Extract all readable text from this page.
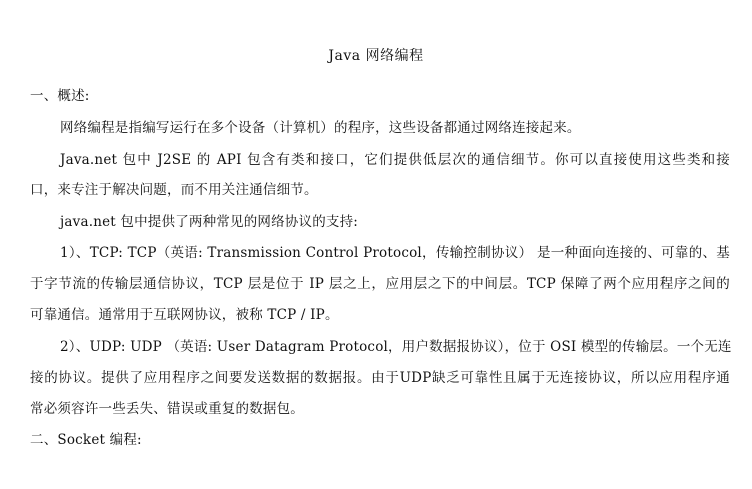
Java 网络编程
一、概述:
网络编程是指编写运行在多个设备（计算机）的程序，这些设备都通过网络连接起来。
Java.net 包中 J2SE 的 API 包含有类和接口，它们提供低层次的通信细节。你可以直接使用这些类和接
口，来专注于解决问题，而不用关注通信细节。
java.net 包中提供了两种常见的网络协议的支持:
1）、TCP: TCP（英语: Transmission Control Protocol，传输控制协议） 是一种面向连接的、可靠的、基
于字节流的传输层通信协议，TCP 层是位于 IP 层之上，应用层之下的中间层。TCP 保障了两个应用程序之间的
可靠通信。通常用于互联网协议，被称 TCP / IP。
2）、UDP: UDP （英语: User Datagram Protocol，用户数据报协议），位于 OSI 模型的传输层。一个无连
接的协议。提供了应用程序之间要发送数据的数据报。由于UDP缺乏可靠性且属于无连接协议，所以应用程序通
常必须容许一些丢失、错误或重复的数据包。
二、Socket 编程:
